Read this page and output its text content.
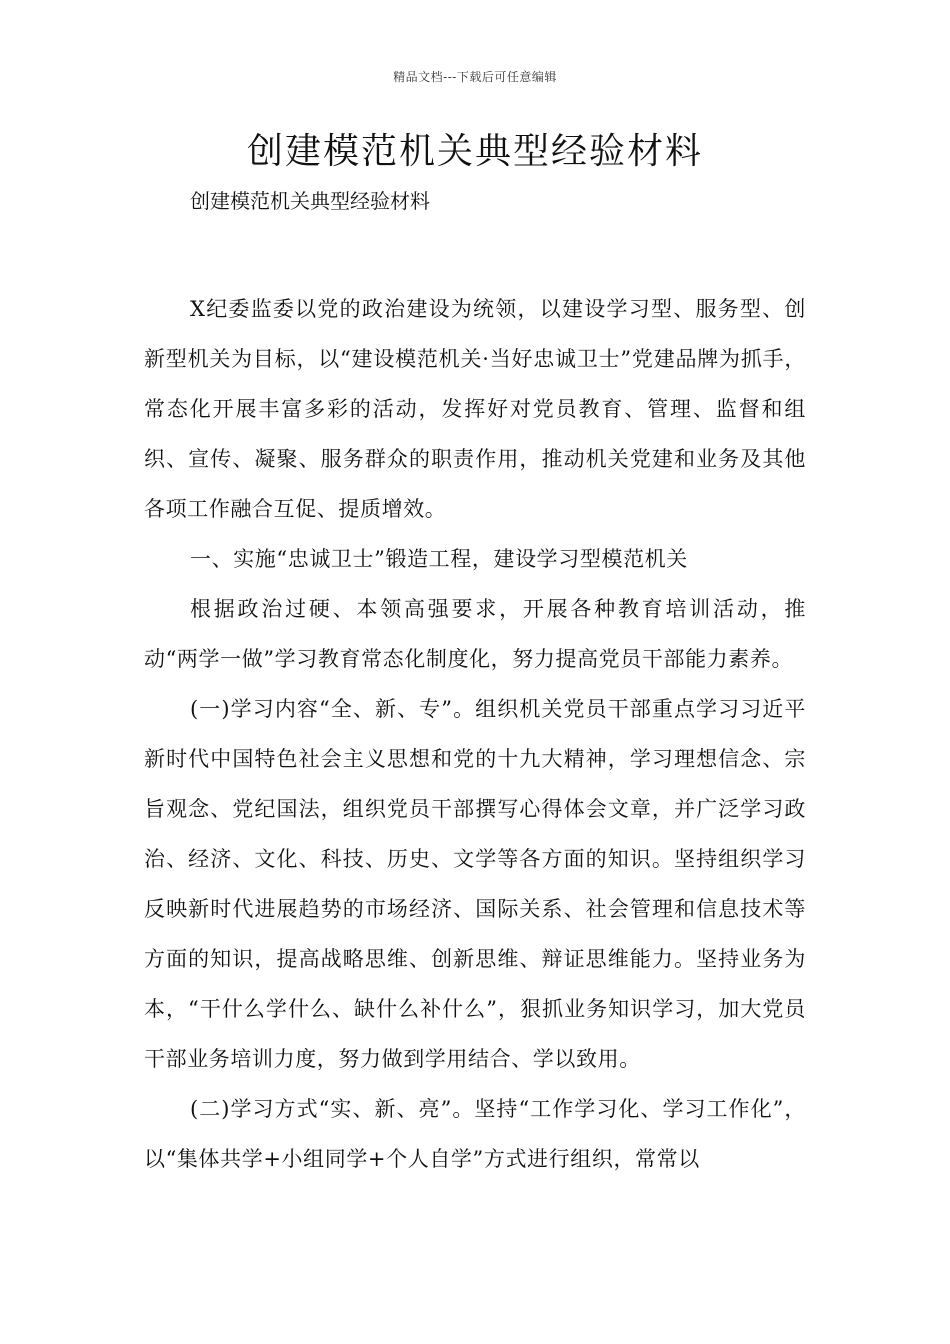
精品文档---下载后可任意编辑
创建模范机关典型经验材料
创建模范机关典型经验材料

X纪委监委以党的政治建设为统领，以建设学习型、服务型、创新型机关为目标，以“建设模范机关·当好忠诚卫士”党建品牌为抓手，常态化开展丰富多彩的活动，发挥好对党员教育、管理、监督和组织、宣传、凝聚、服务群众的职责作用，推动机关党建和业务及其他各项工作融合互促、提质增效。

一、实施“忠诚卫士”锻造工程，建设学习型模范机关

根据政治过硬、本领高强要求，开展各种教育培训活动，推动“两学一做”学习教育常态化制度化，努力提高党员干部能力素养。

(一)学习内容“全、新、专”。组织机关党员干部重点学习习近平新时代中国特色社会主义思想和党的十九大精神，学习理想信念、宗旨观念、党纪国法，组织党员干部撰写心得体会文章，并广泛学习政治、经济、文化、科技、历史、文学等各方面的知识。坚持组织学习反映新时代进展趋势的市场经济、国际关系、社会管理和信息技术等方面的知识，提高战略思维、创新思维、辩证思维能力。坚持业务为本，“干什么学什么、缺什么补什么”，狠抓业务知识学习，加大党员干部业务培训力度，努力做到学用结合、学以致用。

(二)学习方式“实、新、亮”。坚持“工作学习化、学习工作化”，以“集体共学+小组同学+个人自学”方式进行组织，常常以
